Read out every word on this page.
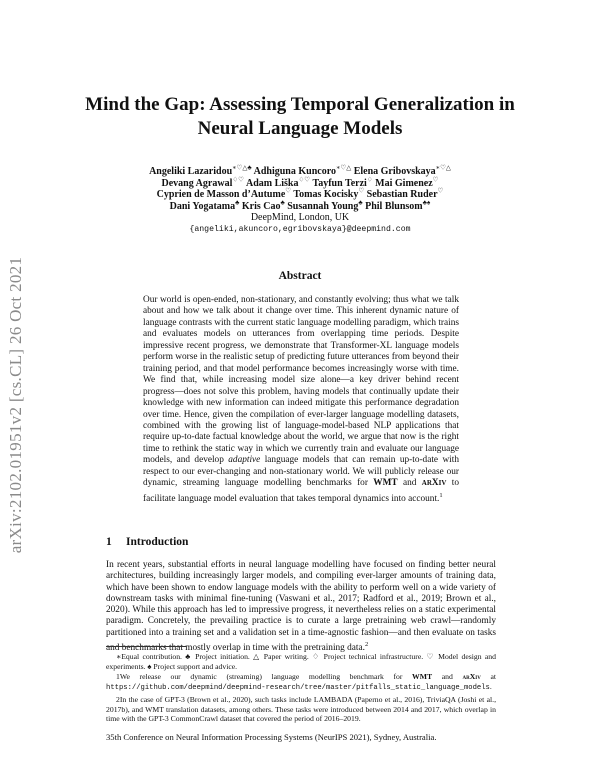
arXiv:2102.01951v2 [cs.CL] 26 Oct 2021
Mind the Gap: Assessing Temporal Generalization in Neural Language Models
Angeliki Lazaridou∗♡△♣ Adhiguna Kuncoro∗♡△ Elena Gribovskaya∗♡△
Devang Agrawal♢♡ Adam Liška♢♡ Tayfun Terzi♢ Mai Gimenez♡
Cyprien de Masson d’Autume♡ Tomas Kocisky♡ Sebastian Ruder♡
Dani Yogatama♣ Kris Cao♣ Susannah Young♣ Phil Blunsom♣♠
DeepMind, London, UK
{angeliki,akuncoro,egribovskaya}@deepmind.com
Abstract
Our world is open-ended, non-stationary, and constantly evolving; thus what we talk about and how we talk about it change over time. This inherent dynamic nature of language contrasts with the current static language modelling paradigm, which trains and evaluates models on utterances from overlapping time periods. Despite impressive recent progress, we demonstrate that Transformer-XL language models perform worse in the realistic setup of predicting future utterances from beyond their training period, and that model performance becomes increasingly worse with time. We find that, while increasing model size alone—a key driver behind recent progress—does not solve this problem, having models that continually update their knowledge with new information can indeed mitigate this performance degradation over time. Hence, given the compilation of ever-larger language modelling datasets, combined with the growing list of language-model-based NLP applications that require up-to-date factual knowledge about the world, we argue that now is the right time to rethink the static way in which we currently train and evaluate our language models, and develop adaptive language models that can remain up-to-date with respect to our ever-changing and non-stationary world. We will publicly release our dynamic, streaming language modelling benchmarks for WMT and arXiv to facilitate language model evaluation that takes temporal dynamics into account.$^1$
1 Introduction
In recent years, substantial efforts in neural language modelling have focused on finding better neural architectures, building increasingly larger models, and compiling ever-larger amounts of training data, which have been shown to endow language models with the ability to perform well on a wide variety of downstream tasks with minimal fine-tuning (Vaswani et al., 2017; Radford et al., 2019; Brown et al., 2020). While this approach has led to impressive progress, it nevertheless relies on a static experimental paradigm. Concretely, the prevailing practice is to curate a large pretraining web crawl—randomly partitioned into a training set and a validation set in a time-agnostic fashion—and then evaluate on tasks and benchmarks that mostly overlap in time with the pretraining data.$^2$

∗Equal contribution. ♣ Project initiation. △ Paper writing. ♢ Project technical infrastructure. ♡ Model design and experiments. ♠ Project support and advice.

1We release our dynamic (streaming) language modelling benchmark for WMT and arXiv at https://github.com/deepmind/deepmind-research/tree/master/pitfalls_static_language_models.

2In the case of GPT-3 (Brown et al., 2020), such tasks include LAMBADA (Paperno et al., 2016), TriviaQA (Joshi et al., 2017b), and WMT translation datasets, among others. These tasks were introduced between 2014 and 2017, which overlap in time with the GPT-3 CommonCrawl dataset that covered the period of 2016–2019.

35th Conference on Neural Information Processing Systems (NeurIPS 2021), Sydney, Australia.
